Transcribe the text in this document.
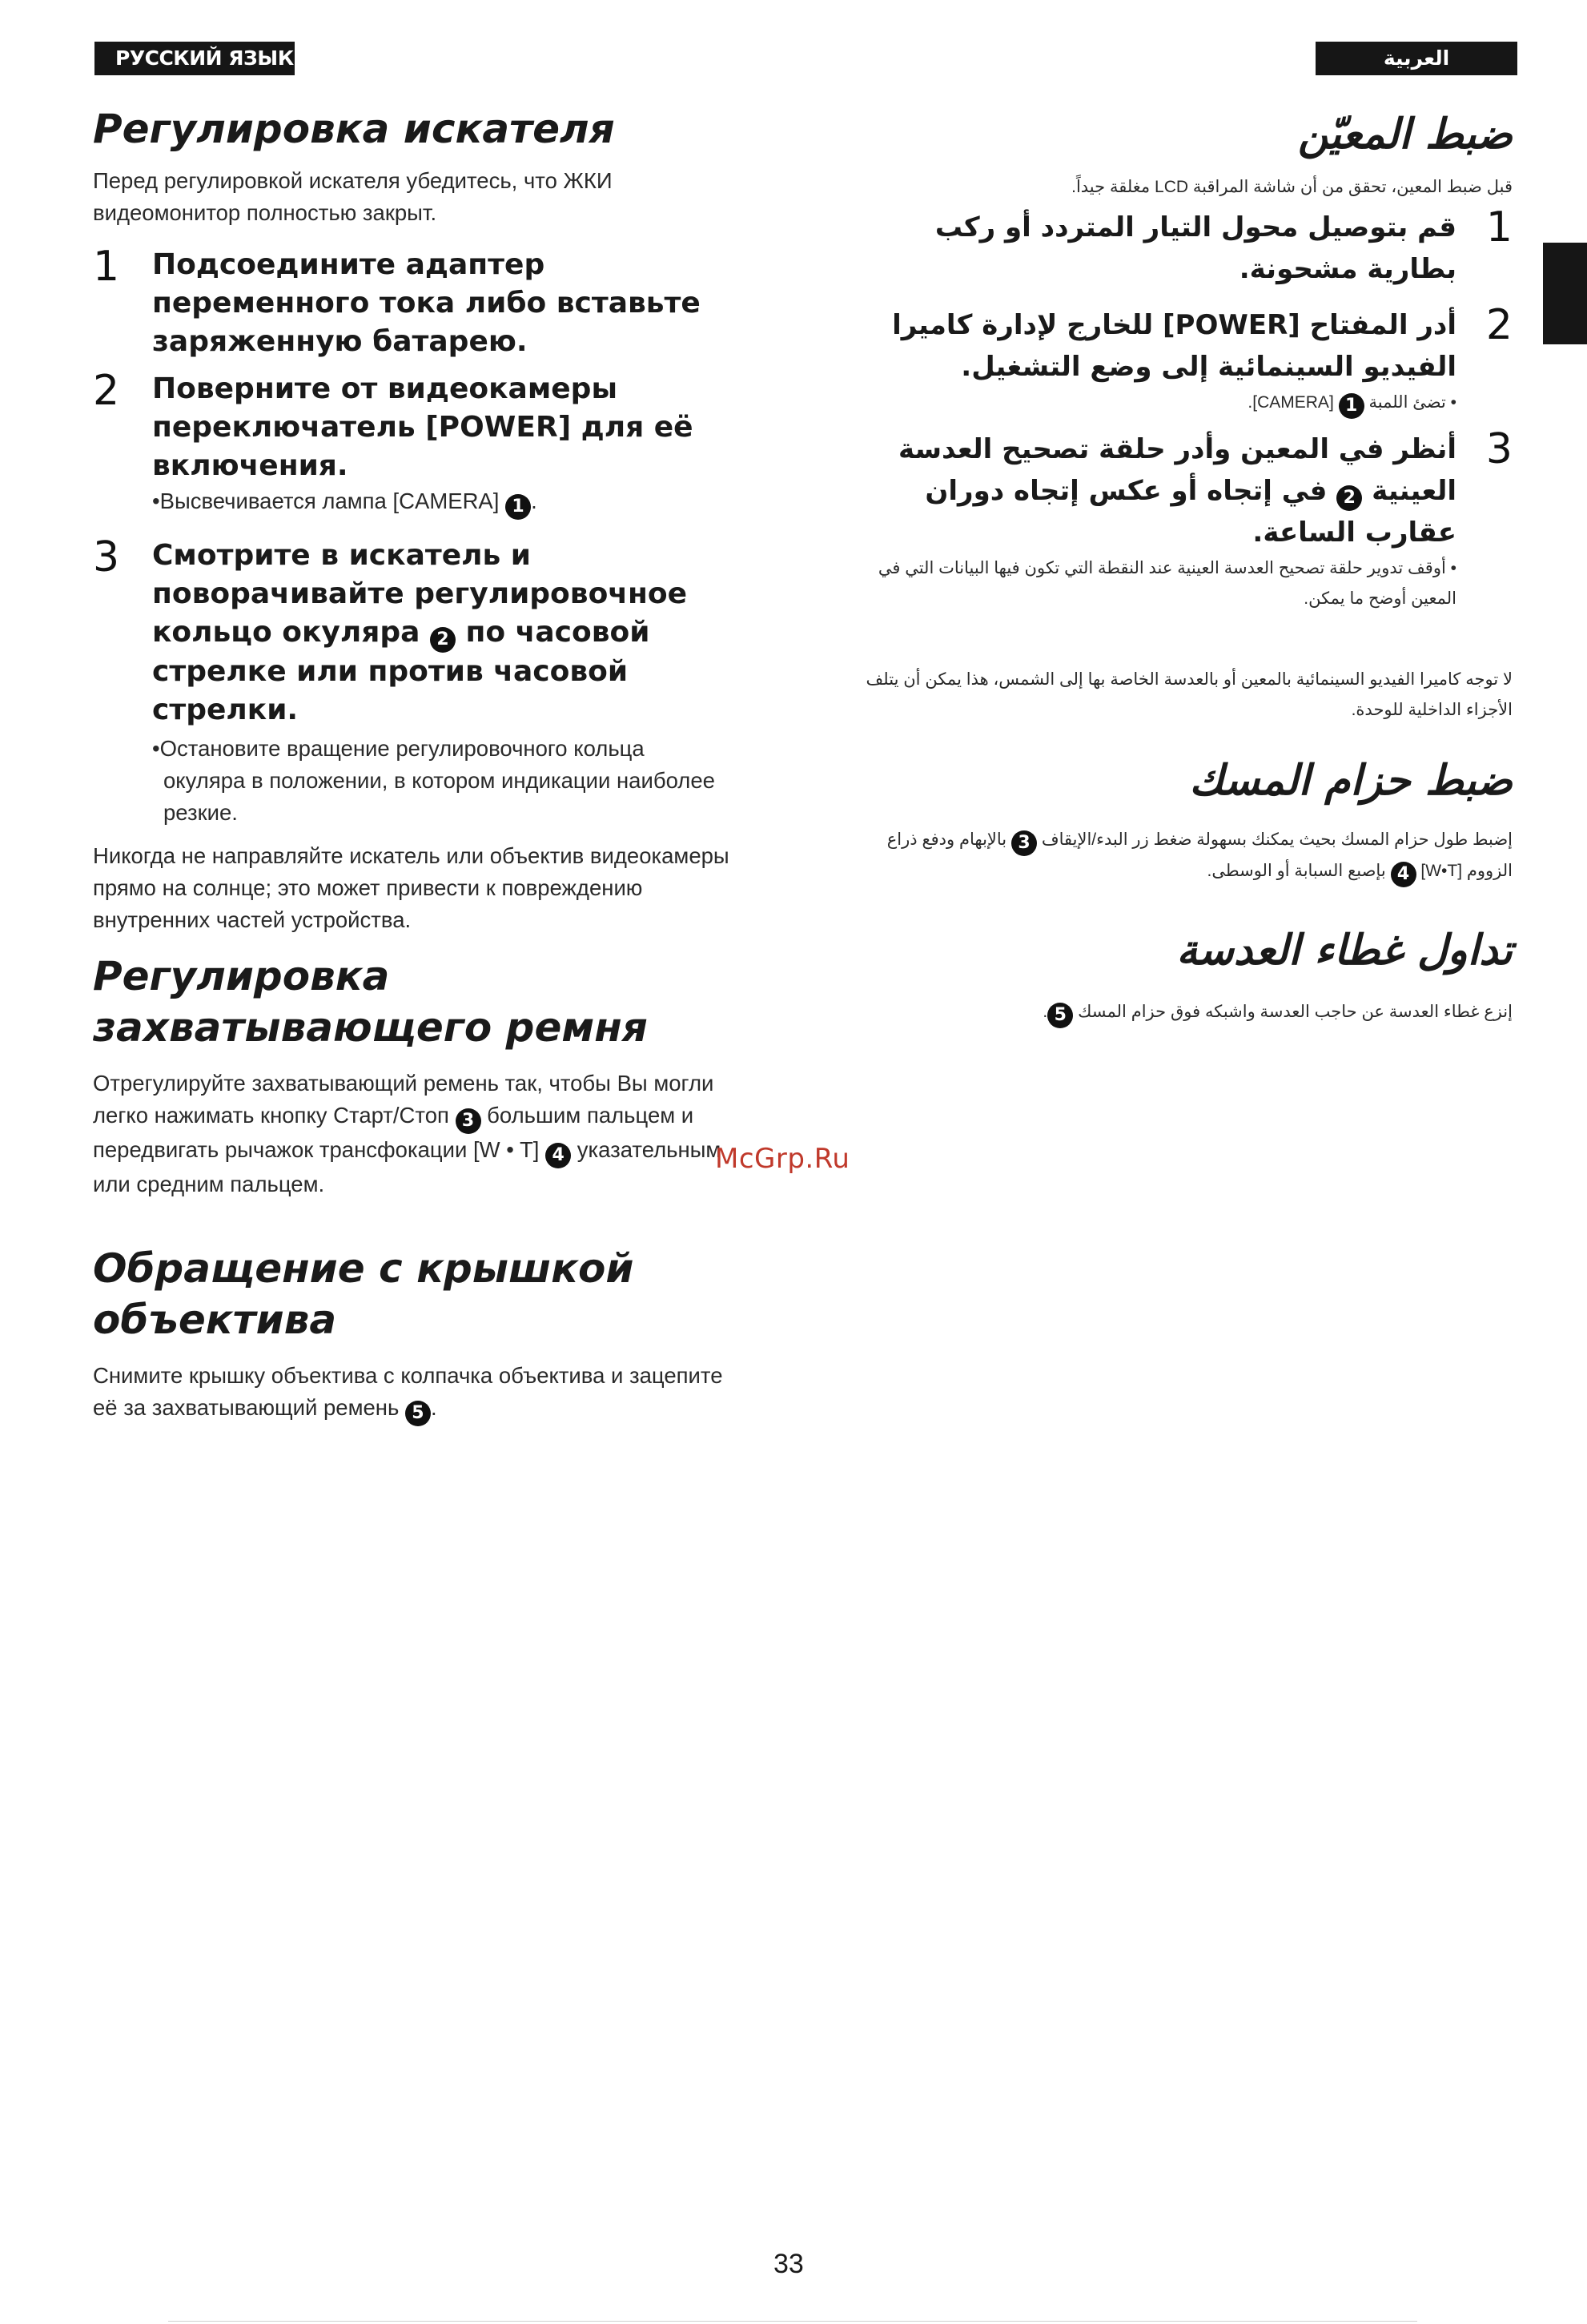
РУССКИЙ ЯЗЫК	العربية
Регулировка искателя
Перед регулировкой искателя убедитесь, что ЖКИ видеомонитор полностью закрыт.
1 Подсоедините адаптер переменного тока либо вставьте заряженную батарею.
2 Поверните от видеокамеры переключатель [POWER] для её включения.
•Высвечивается лампа [CAMERA] 1 .
3 Смотрите в искатель и поворачивайте регулировочное кольцо окуляра 2 по часовой стрелке или против часовой стрелки.
•Остановите вращение регулировочного кольца окуляра в положении, в котором индикации наиболее резкие.
Никогда не направляйте искатель или объектив видеокамеры прямо на солнце; это может привести к повреждению внутренних частей устройства.
Регулировка
захватывающего ремня
Отрегулируйте захватывающий ремень так, чтобы Вы могли легко нажимать кнопку Старт/Стоп 3 большим пальцем и передвигать рычажок трансфокации [W • T] 4 указательным или средним пальцем.
Обращение с крышкой
объектива
Снимите крышку объектива с колпачка объектива и зацепите её за захватывающий ремень 5 .
ضبط المعيّن
قبل ضبط المعين، تحقق من أن شاشة المراقبة LCD مغلقة جيداً.
1
قم بتوصيل محول التيار المتردد أو ركب بطارية مشحونة.
2
أدر المفتاح [POWER] للخارج لإدارة كاميرا الفيديو السينمائية إلى وضع التشغيل.
• تضئ اللمبة 1 [CAMERA].
3
أنظر في المعين وأدر حلقة تصحيح العدسة العينية 2 في إتجاه أو عكس إتجاه دوران عقارب الساعة.
• أوقف تدوير حلقة تصحيح العدسة العينية عند النقطة التي تكون فيها البيانات التي في المعين أوضح ما يمكن.
لا توجه كاميرا الفيديو السينمائية بالمعين أو بالعدسة الخاصة بها إلى الشمس، هذا يمكن أن يتلف الأجزاء الداخلية للوحدة.
ضبط حزام المسك
إضبط طول حزام المسك بحيث يمكنك بسهولة ضغط زر البدء/الإيقاف 3 بالإبهام ودفع ذراع الزووم [W•T] 4 بإصبع السبابة أو الوسطى.
تداول غطاء العدسة
إنزع غطاء العدسة عن حاجب العدسة واشبكه فوق حزام المسك 5.
McGrp.Ru
33
